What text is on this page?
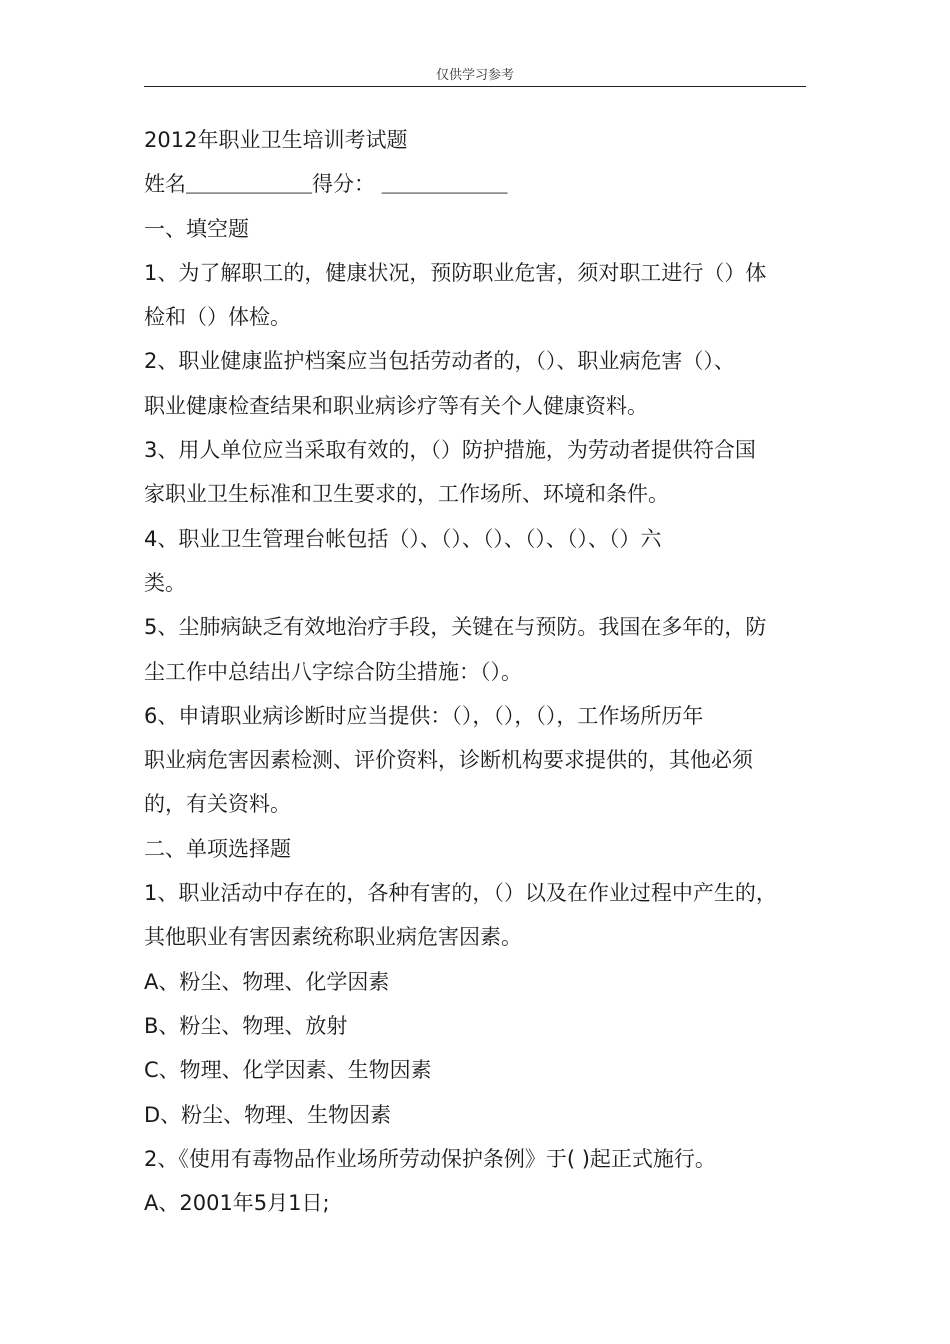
仅供学习参考
2012年职业卫生培训考试题
姓名＿＿＿＿＿＿得分： ＿＿＿＿＿＿
一、填空题
1、为了解职工的，健康状况，预防职业危害，须对职工进行（）体
检和（）体检。
2、职业健康监护档案应当包括劳动者的，（）、职业病危害（）、
职业健康检查结果和职业病诊疗等有关个人健康资料。
3、用人单位应当采取有效的，（）防护措施，为劳动者提供符合国
家职业卫生标准和卫生要求的，工作场所、环境和条件。
4、职业卫生管理台帐包括（）、（）、（）、（）、（）、（）六
类。
5、尘肺病缺乏有效地治疗手段，关键在与预防。我国在多年的，防
尘工作中总结出八字综合防尘措施：（）。
6、申请职业病诊断时应当提供：（），（），（），工作场所历年
职业病危害因素检测、评价资料，诊断机构要求提供的，其他必须
的，有关资料。
二、单项选择题
1、职业活动中存在的，各种有害的，（）以及在作业过程中产生的，
其他职业有害因素统称职业病危害因素。
A、粉尘、物理、化学因素
B、粉尘、物理、放射
C、物理、化学因素、生物因素
D、粉尘、物理、生物因素
2、《使用有毒物品作业场所劳动保护条例》于( )起正式施行。
A、2001年5月1日;
